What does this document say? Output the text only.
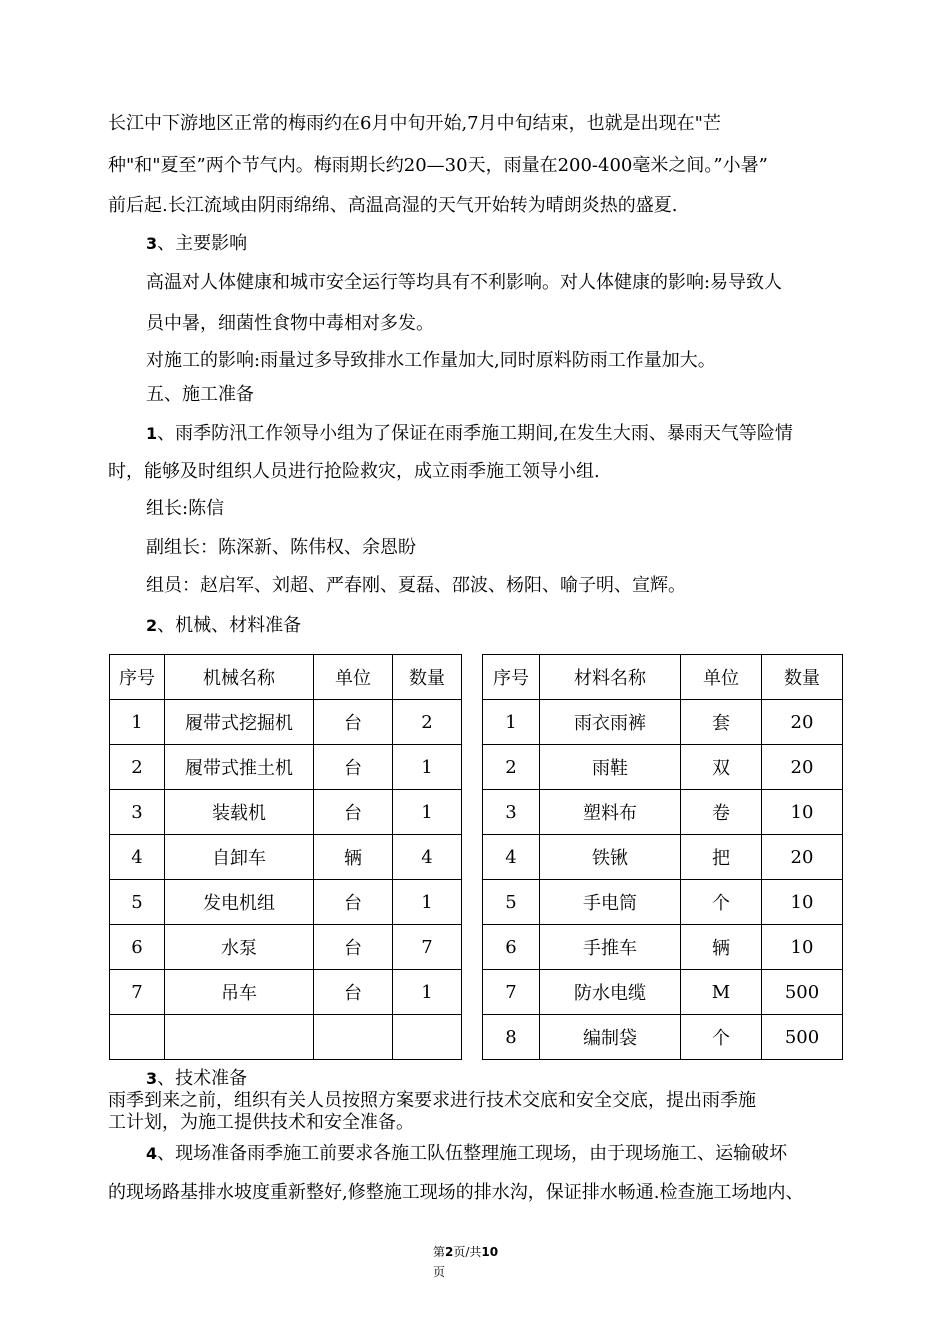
长江中下游地区正常的梅雨约在6月中旬开始,7月中旬结束，也就是出现在"芒
种"和"夏至”两个节气内。梅雨期长约20—30天，雨量在200-400毫米之间。”小暑”
前后起.长江流域由阴雨绵绵、高温高湿的天气开始转为晴朗炎热的盛夏.
3、主要影响
高温对人体健康和城市安全运行等均具有不利影响。对人体健康的影响:易导致人
员中暑，细菌性食物中毒相对多发。
对施工的影响:雨量过多导致排水工作量加大,同时原料防雨工作量加大。
五、施工准备
1、雨季防汛工作领导小组为了保证在雨季施工期间,在发生大雨、暴雨天气等险情
时，能够及时组织人员进行抢险救灾，成立雨季施工领导小组.
组长:陈信
副组长：陈深新、陈伟权、余恩盼
组员：赵启军、刘超、严春刚、夏磊、邵波、杨阳、喻子明、宣辉。
2、机械、材料准备
序号	机械名称	单位	数量
1	履带式挖掘机	台	2
2	履带式推土机	台	1
3	装载机	台	1
4	自卸车	辆	4
5	发电机组	台	1
6	水泵	台	7
7	吊车	台	1

序号	材料名称	单位	数量
1	雨衣雨裤	套	20
2	雨鞋	双	20
3	塑料布	卷	10
4	铁锹	把	20
5	手电筒	个	10
6	手推车	辆	10
7	防水电缆	M	500
8	编制袋	个	500
3、技术准备
雨季到来之前，组织有关人员按照方案要求进行技术交底和安全交底，提出雨季施
工计划，为施工提供技术和安全准备。
4、现场准备雨季施工前要求各施工队伍整理施工现场，由于现场施工、运输破坏
的现场路基排水坡度重新整好,修整施工现场的排水沟，保证排水畅通.检查施工场地内、
第2页/共10
页
